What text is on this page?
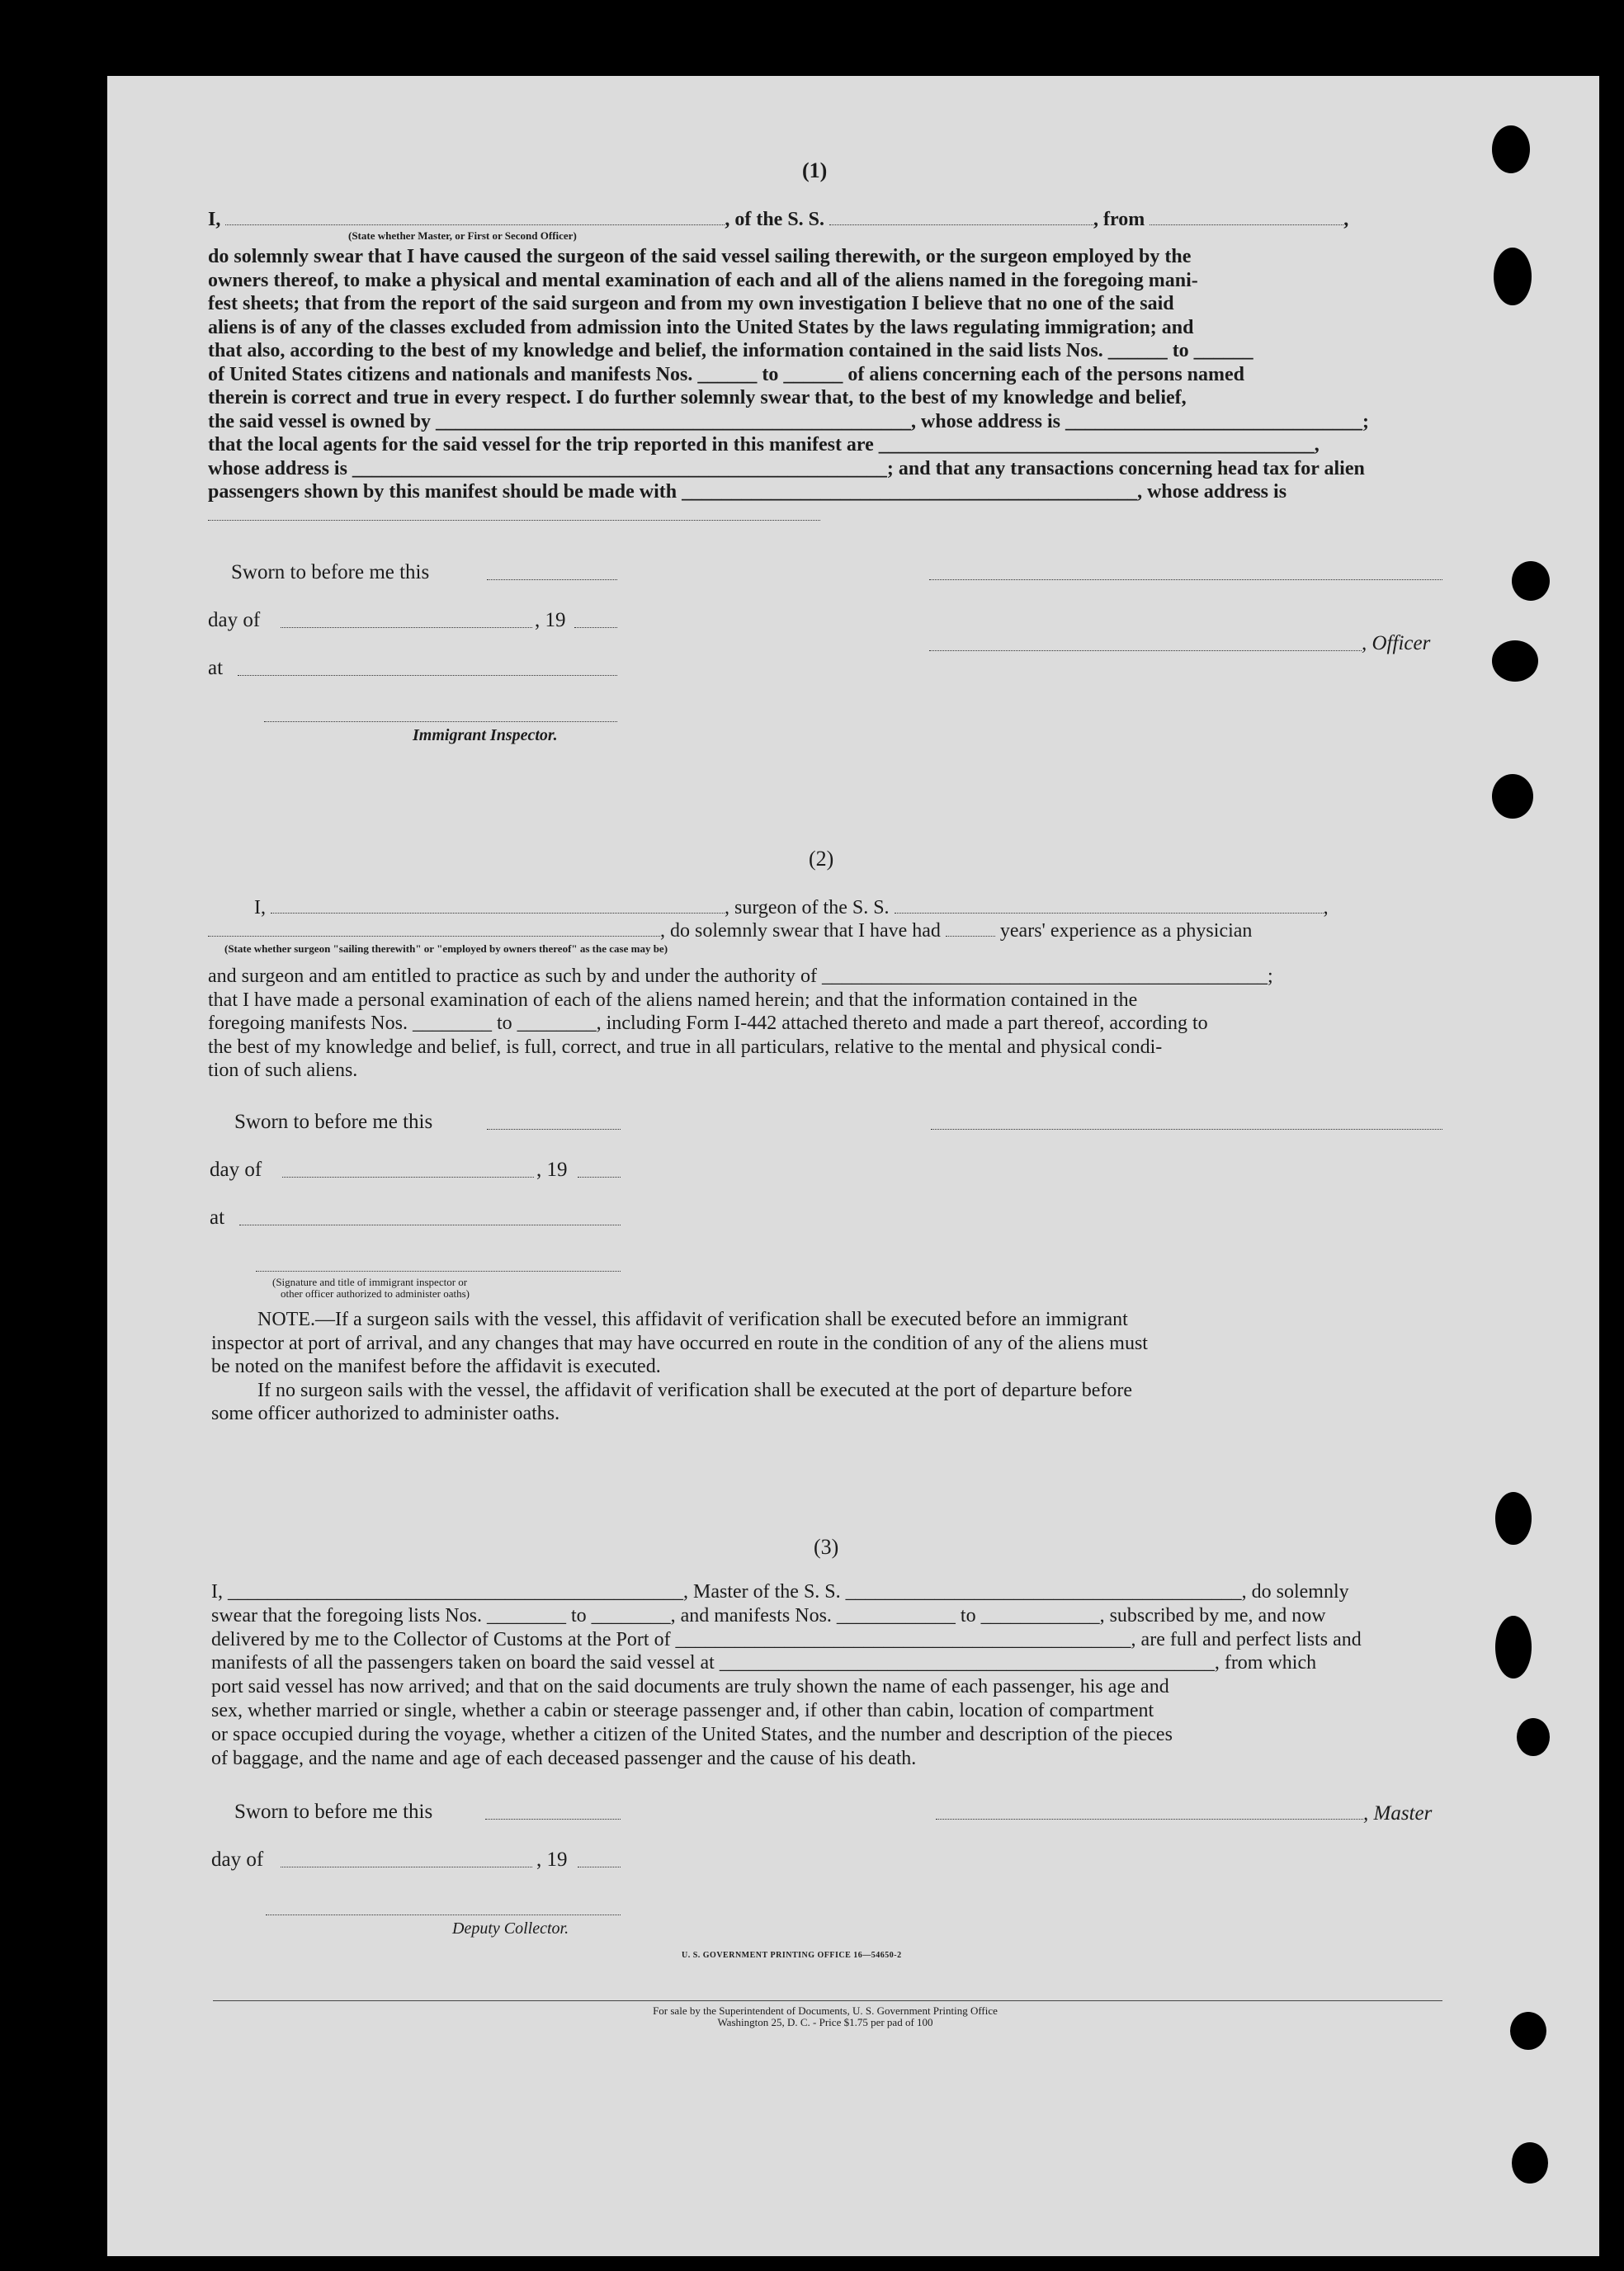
(1)
I,	, of the S. S.	, from	,
(State whether Master, or First or Second Officer)
do solemnly swear that I have caused the surgeon of the said vessel sailing therewith, or the surgeon employed by the
owners thereof, to make a physical and mental examination of each and all of the aliens named in the foregoing mani-
fest sheets; that from the report of the said surgeon and from my own investigation I believe that no one of the said
aliens is of any of the classes excluded from admission into the United States by the laws regulating immigration; and
that also, according to the best of my knowledge and belief, the information contained in the said lists Nos. ______ to ______
of United States citizens and nationals and manifests Nos. ______ to ______ of aliens concerning each of the persons named
therein is correct and true in every respect. I do further solemnly swear that, to the best of my knowledge and belief,
the said vessel is owned by ________________________________________________, whose address is ______________________________;
that the local agents for the said vessel for the trip reported in this manifest are ____________________________________________,
whose address is ______________________________________________________; and that any transactions concerning head tax for alien
passengers shown by this manifest should be made with ______________________________________________, whose address is
Sworn to before me this
day of	, 19
at
Immigrant Inspector.
, Officer
(2)
I,	, surgeon of the S. S.	,
, do solemnly swear that I have had	years' experience as a physician
(State whether surgeon "sailing therewith" or "employed by owners thereof" as the case may be)
and surgeon and am entitled to practice as such by and under the authority of _____________________________________________;
that I have made a personal examination of each of the aliens named herein; and that the information contained in the
foregoing manifests Nos. ________ to ________, including Form I-442 attached thereto and made a part thereof, according to
the best of my knowledge and belief, is full, correct, and true in all particulars, relative to the mental and physical condi-
tion of such aliens.
Sworn to before me this
day of	, 19
at
(Signature and title of immigrant inspector or
other officer authorized to administer oaths)
NOTE.—If a surgeon sails with the vessel, this affidavit of verification shall be executed before an immigrant
inspector at port of arrival, and any changes that may have occurred en route in the condition of any of the aliens must
be noted on the manifest before the affidavit is executed.
If no surgeon sails with the vessel, the affidavit of verification shall be executed at the port of departure before
some officer authorized to administer oaths.
(3)
I, ______________________________________________, Master of the S. S. ________________________________________, do solemnly
swear that the foregoing lists Nos. ________ to ________, and manifests Nos. ____________ to ____________, subscribed by me, and now
delivered by me to the Collector of Customs at the Port of ______________________________________________, are full and perfect lists and
manifests of all the passengers taken on board the said vessel at __________________________________________________, from which
port said vessel has now arrived; and that on the said documents are truly shown the name of each passenger, his age and
sex, whether married or single, whether a cabin or steerage passenger and, if other than cabin, location of compartment
or space occupied during the voyage, whether a citizen of the United States, and the number and description of the pieces
of baggage, and the name and age of each deceased passenger and the cause of his death.
Sworn to before me this	, Master
day of	, 19
Deputy Collector.
U. S. GOVERNMENT PRINTING OFFICE 16—54650-2
For sale by the Superintendent of Documents, U. S. Government Printing Office
Washington 25, D. C. - Price $1.75 per pad of 100
